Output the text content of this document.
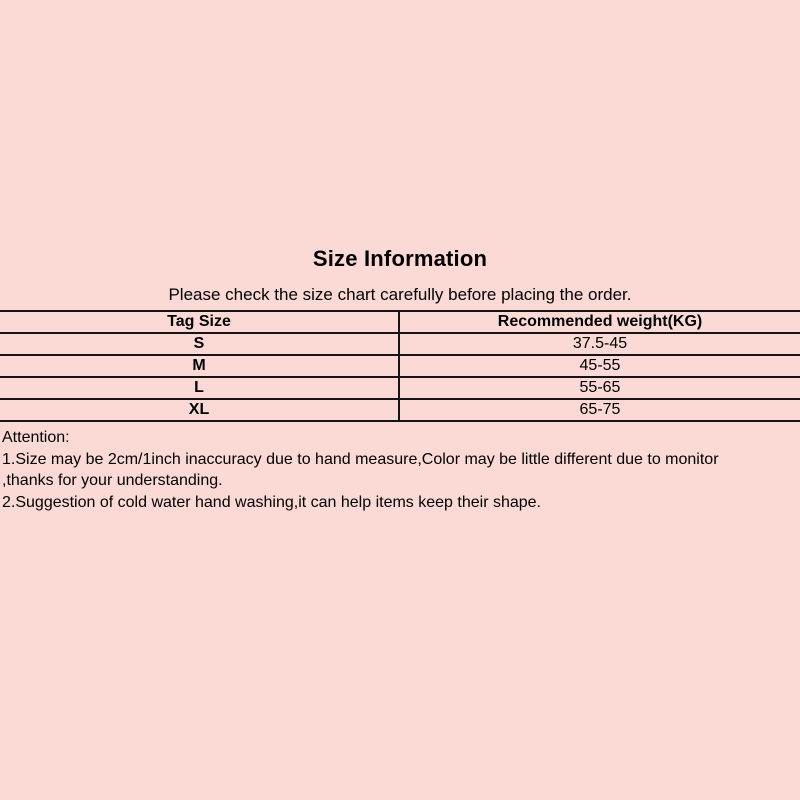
Size Information

Please check the size chart carefully before placing the order.

Tag Size	Recommended weight(KG)
S	37.5-45
M	45-55
L	55-65
XL	65-75
Attention:
1.Size may be 2cm/1inch inaccuracy due to hand measure,Color may be little different due to monitor
,thanks for your understanding.
2.Suggestion of cold water hand washing,it can help items keep their shape.
